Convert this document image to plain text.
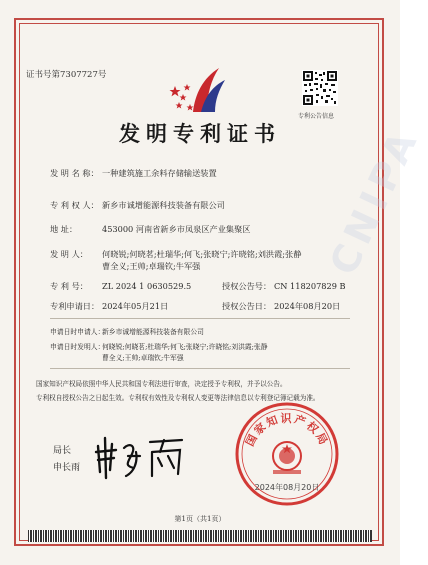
CNIPA
证书号第7307727号
专利公告信息
发明专利证书
发 明 名 称： 一种建筑施工余料存储输送装置
专 利 权 人： 新乡市诚增能源科技装备有限公司
地 址：	453000 河南省新乡市凤泉区产业集聚区
发 明 人： 何晓锐;何晓茗;杜瑞华;何飞;张晓宁;许晓铭;刘洪霞;张静
曹全义;王帅;卓瑞钦;牛军强
专 利 号： ZL 2024 1 0630529.5	授权公告号： CN 118207829 B
专利申请日： 2024年05月21日	授权公告日： 2024年08月20日
申请日时申请人：新乡市诚增能源科技装备有限公司
申请日时发明人：何晓锐;何晓茗;杜瑞华;何飞;张晓宁;许晓铭;刘洪霞;张静
曹全义;王帅;卓瑞钦;牛军强
国家知识产权局依照中华人民共和国专利法进行审查，决定授予专利权，并予以公告。
专利权自授权公告之日起生效。专利权有效性及专利权人变更等法律信息以专利登记簿记载为准。
局长
申长雨
国家知识产权局
2024年08月20日
第1页（共1页）
